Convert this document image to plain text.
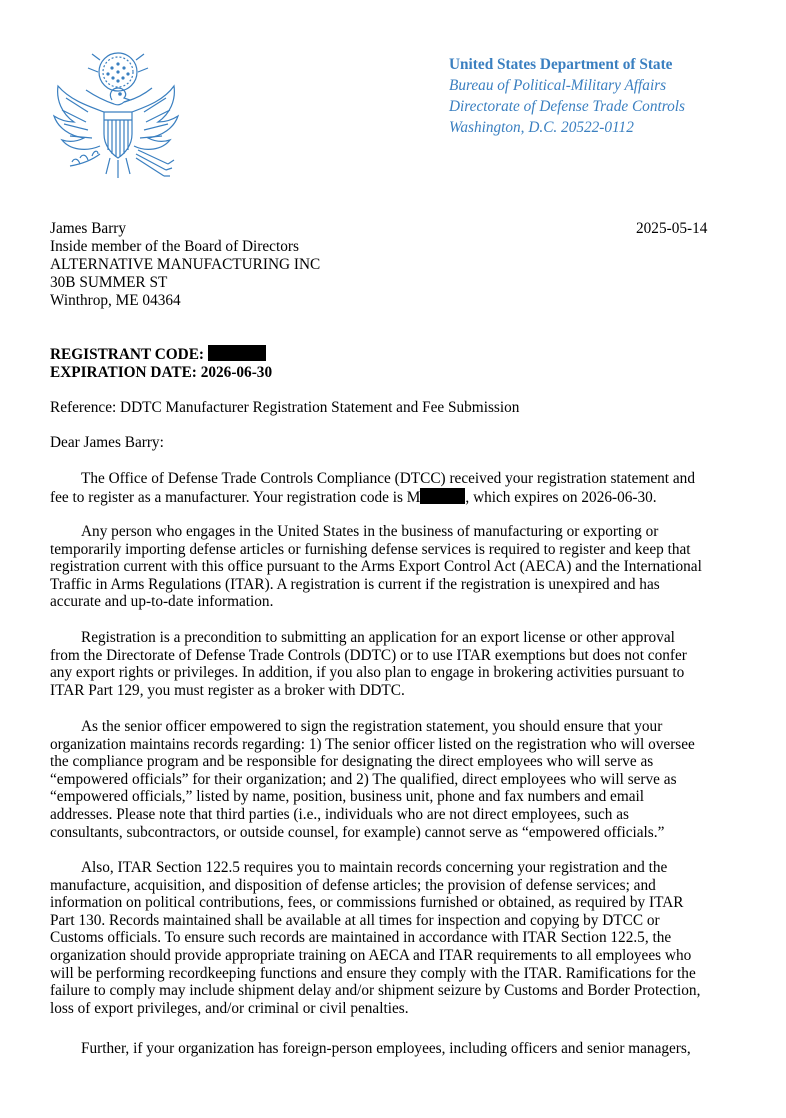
United States Department of State
Bureau of Political-Military Affairs
Directorate of Defense Trade Controls
Washington, D.C. 20522-0112
James Barry
Inside member of the Board of Directors
ALTERNATIVE MANUFACTURING INC
30B SUMMER ST
Winthrop, ME 04364
2025-05-14
REGISTRANT CODE:
EXPIRATION DATE: 2026-06-30
Reference: DDTC Manufacturer Registration Statement and Fee Submission
Dear James Barry:
The Office of Defense Trade Controls Compliance (DTCC) received your registration statement and
fee to register as a manufacturer. Your registration code is M	, which expires on 2026-06-30.
Any person who engages in the United States in the business of manufacturing or exporting or
temporarily importing defense articles or furnishing defense services is required to register and keep that
registration current with this office pursuant to the Arms Export Control Act (AECA) and the International
Traffic in Arms Regulations (ITAR). A registration is current if the registration is unexpired and has
accurate and up-to-date information.
Registration is a precondition to submitting an application for an export license or other approval
from the Directorate of Defense Trade Controls (DDTC) or to use ITAR exemptions but does not confer
any export rights or privileges. In addition, if you also plan to engage in brokering activities pursuant to
ITAR Part 129, you must register as a broker with DDTC.
As the senior officer empowered to sign the registration statement, you should ensure that your
organization maintains records regarding: 1) The senior officer listed on the registration who will oversee
the compliance program and be responsible for designating the direct employees who will serve as
“empowered officials” for their organization; and 2) The qualified, direct employees who will serve as
“empowered officials,” listed by name, position, business unit, phone and fax numbers and email
addresses. Please note that third parties (i.e., individuals who are not direct employees, such as
consultants, subcontractors, or outside counsel, for example) cannot serve as “empowered officials.”
Also, ITAR Section 122.5 requires you to maintain records concerning your registration and the
manufacture, acquisition, and disposition of defense articles; the provision of defense services; and
information on political contributions, fees, or commissions furnished or obtained, as required by ITAR
Part 130. Records maintained shall be available at all times for inspection and copying by DTCC or
Customs officials. To ensure such records are maintained in accordance with ITAR Section 122.5, the
organization should provide appropriate training on AECA and ITAR requirements to all employees who
will be performing recordkeeping functions and ensure they comply with the ITAR. Ramifications for the
failure to comply may include shipment delay and/or shipment seizure by Customs and Border Protection,
loss of export privileges, and/or criminal or civil penalties.
Further, if your organization has foreign-person employees, including officers and senior managers,
